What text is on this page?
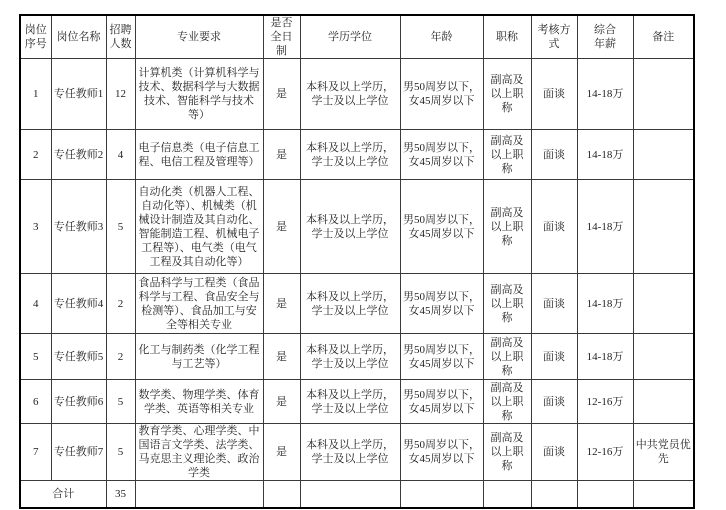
岗位序号	岗位名称	招聘人数	专业要求	是否全日制	学历学位	年龄	职称	考核方式	综合年薪	备注
1	专任教师1	12	计算机类（计算机科学与技术、数据科学与大数据技术、智能科学与技术等）	是	本科及以上学历，学士及以上学位	男50周岁以下，女45周岁以下	副高及以上职称	面谈	14-18万	
2	专任教师2	4	电子信息类（电子信息工程、电信工程及管理等）	是	本科及以上学历，学士及以上学位	男50周岁以下，女45周岁以下	副高及以上职称	面谈	14-18万	
3	专任教师3	5	自动化类（机器人工程、自动化等）、机械类（机械设计制造及其自动化、智能制造工程、机械电子工程等）、电气类（电气工程及其自动化等）	是	本科及以上学历，学士及以上学位	男50周岁以下，女45周岁以下	副高及以上职称	面谈	14-18万	
4	专任教师4	2	食品科学与工程类（食品科学与工程、食品安全与检测等）、食品加工与安全等相关专业	是	本科及以上学历，学士及以上学位	男50周岁以下，女45周岁以下	副高及以上职称	面谈	14-18万	
5	专任教师5	2	化工与制药类（化学工程与工艺等）	是	本科及以上学历，学士及以上学位	男50周岁以下，女45周岁以下	副高及以上职称	面谈	14-18万	
6	专任教师6	5	数学类、物理学类、体育学类、英语等相关专业	是	本科及以上学历，学士及以上学位	男50周岁以下，女45周岁以下	副高及以上职称	面谈	12-16万	
7	专任教师7	5	教育学类、心理学类、中国语言文学类、法学类、马克思主义理论类、政治学类	是	本科及以上学历，学士及以上学位	男50周岁以下，女45周岁以下	副高及以上职称	面谈	12-16万	中共党员优先
合计		35								
